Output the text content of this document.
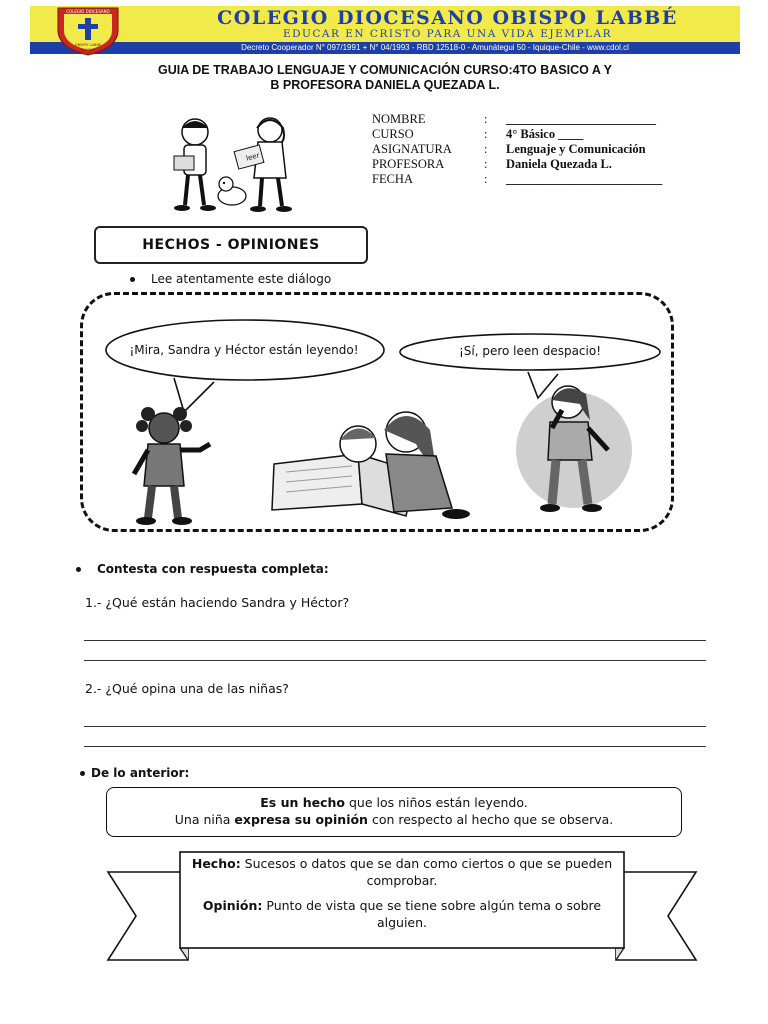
COLEGIO DIOCESANO
OBISPO LABBÉ
IQUIQUE
COLEGIO DIOCESANO OBISPO LABBÉ
EDUCAR EN CRISTO PARA UNA VIDA EJEMPLAR
Decreto Cooperador N° 097/1991 + N° 04/1993 - RBD 12518-0 - Amunátegui 50 - Iquique-Chile - www.cdol.cl
GUIA DE TRABAJO LENGUAJE Y COMUNICACIÓN CURSO:4TO BASICO A Y
B PROFESORA DANIELA QUEZADA L.
leer
NOMBRE	:	________________________
CURSO	:	4° Básico ____
ASIGNATURA	:	Lenguaje y Comunicación
PROFESORA	:	Daniela Quezada L.
FECHA	:	_________________________
HECHOS - OPINIONES
Lee atentamente este diálogo
¡Mira, Sandra y Héctor están leyendo!	¡Sí, pero leen despacio!
Contesta con respuesta completa:
1.- ¿Qué están haciendo Sandra y Héctor?
2.- ¿Qué opina una de las niñas?
De lo anterior:
Es un hecho que los niños están leyendo.
Una niña expresa su opinión con respecto al hecho que se observa.

Hecho: Sucesos o datos que se dan como ciertos o que se pueden comprobar.

Opinión: Punto de vista que se tiene sobre algún tema o sobre alguien.
